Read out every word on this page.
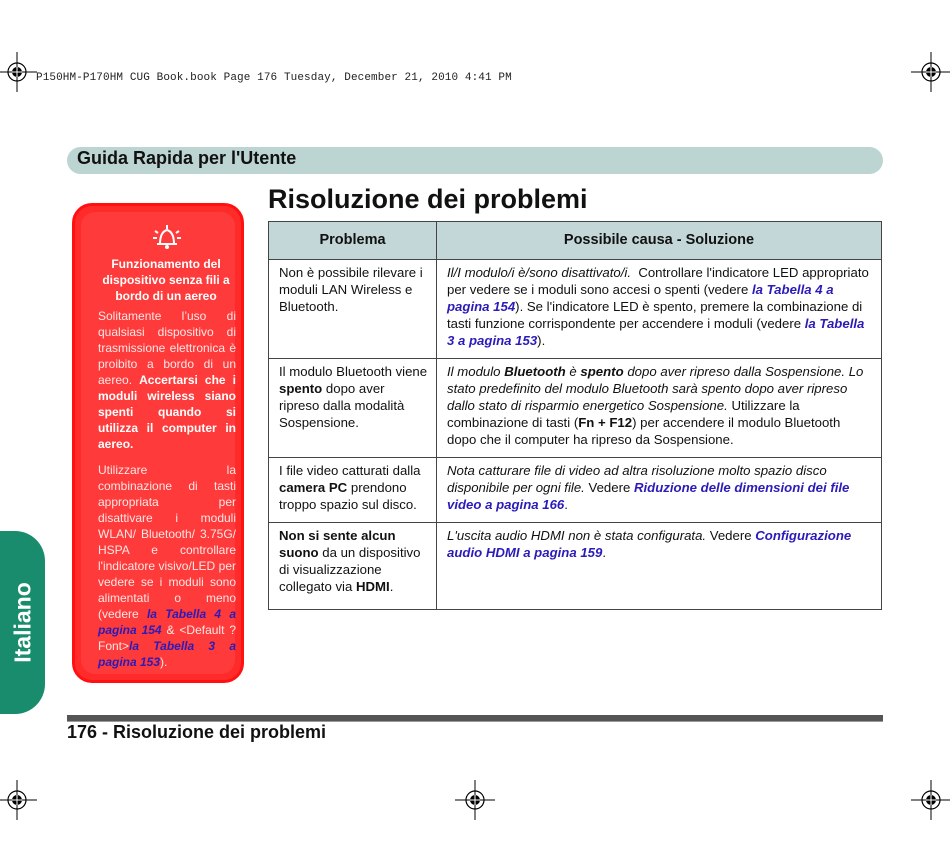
P150HM-P170HM CUG Book.book Page 176 Tuesday, December 21, 2010 4:41 PM
Guida Rapida per l'Utente
Risoluzione dei problemi
Funzionamento del dispositivo senza fili a bordo di un aereo
Solitamente l’uso di qualsiasi dispositivo di trasmissione elettronica è proibito a bordo di un aereo. Accertarsi che i moduli wireless siano spenti quando si utilizza il computer in aereo.
Utilizzare la combinazione di tasti appropriata per disattivare i moduli WLAN/ Bluetooth/ 3.75G/ HSPA e controllare l'indicatore visivo/LED per vedere se i moduli sono alimentati o meno (vedere la Tabella 4 a pagina 154 & <Default ? Font>la Tabella 3 a pagina 153).
Problema	Possibile causa - Soluzione
Non è possibile rilevare i moduli LAN Wireless e Bluetooth.	Il/I modulo/i è/sono disattivato/i. Controllare l'indicatore LED appropriato per vedere se i moduli sono accesi o spenti (vedere la Tabella 4 a pagina 154). Se l'indicatore LED è spento, premere la combinazione di tasti funzione corrispondente per accendere i moduli (vedere la Tabella 3 a pagina 153).
Il modulo Bluetooth viene spento dopo aver ripreso dalla modalità Sospensione.	Il modulo Bluetooth è spento dopo aver ripreso dalla Sospensione. Lo stato predefinito del modulo Bluetooth sarà spento dopo aver ripreso dallo stato di risparmio energetico Sospensione. Utilizzare la combinazione di tasti (Fn + F12) per accendere il modulo Bluetooth dopo che il computer ha ripreso da Sospensione.
I file video catturati dalla camera PC prendono troppo spazio sul disco.	Nota catturare file di video ad altra risoluzione molto spazio disco disponibile per ogni file. Vedere Riduzione delle dimensioni dei file video a pagina 166.
Non si sente alcun suono da un dispositivo di visualizzazione collegato via HDMI.	L'uscita audio HDMI non è stata configurata. Vedere Configurazione audio HDMI a pagina 159.
Italiano
176 - Risoluzione dei problemi
